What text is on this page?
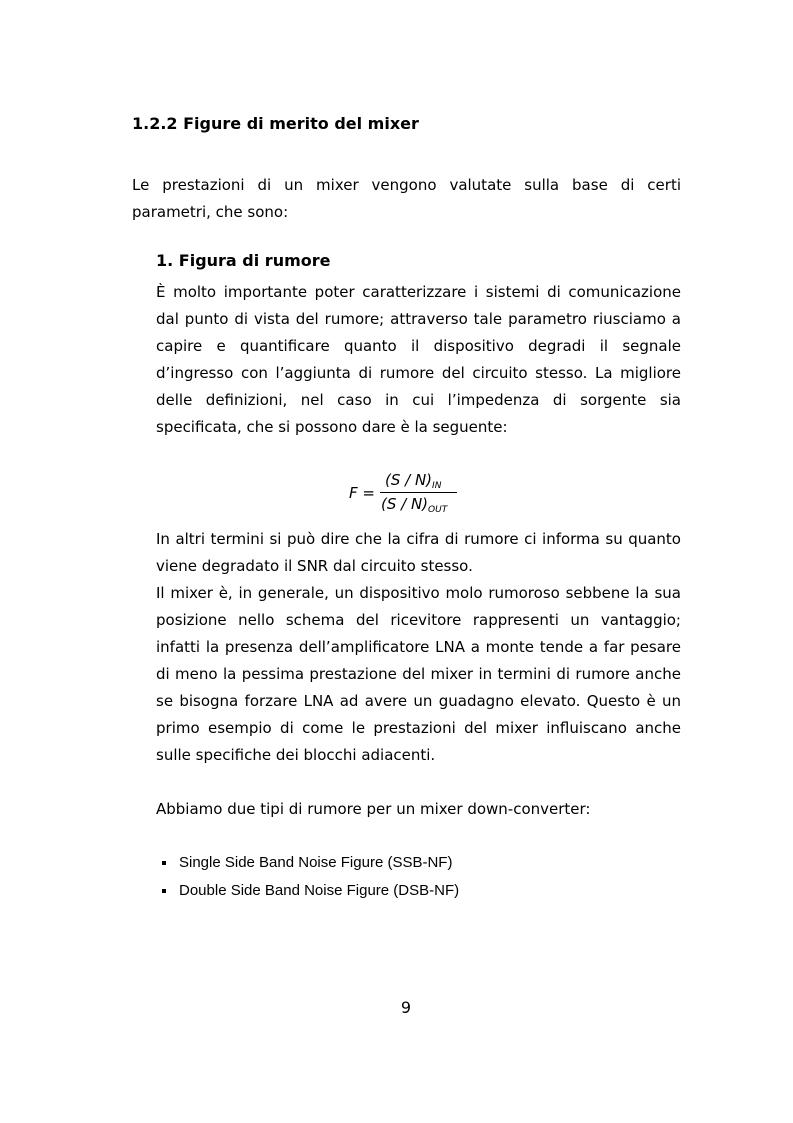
1.2.2 Figure di merito del mixer

Le prestazioni di un mixer vengono valutate sulla base di certi parametri, che sono:

1. Figura di rumore

È molto importante poter caratterizzare i sistemi di comunicazione dal punto di vista del rumore; attraverso tale parametro riusciamo a capire e quantificare quanto il dispositivo degradi il segnale d’ingresso con l’aggiunta di rumore del circuito stesso. La migliore delle definizioni, nel caso in cui l’impedenza di sorgente sia specificata, che si possono dare è la seguente:

F =
$(S / N)_{IN}$
$(S / N)_{OUT}$

In altri termini si può dire che la cifra di rumore ci informa su quanto viene degradato il SNR dal circuito stesso.

Il mixer è, in generale, un dispositivo molo rumoroso sebbene la sua posizione nello schema del ricevitore rappresenti un vantaggio; infatti la presenza dell’amplificatore LNA a monte tende a far pesare di meno la pessima prestazione del mixer in termini di rumore anche se bisogna forzare LNA ad avere un guadagno elevato. Questo è un primo esempio di come le prestazioni del mixer influiscano anche sulle specifiche dei blocchi adiacenti.

Abbiamo due tipi di rumore per un mixer down-converter:

Single Side Band Noise Figure (SSB-NF)
Double Side Band Noise Figure (DSB-NF)
9
